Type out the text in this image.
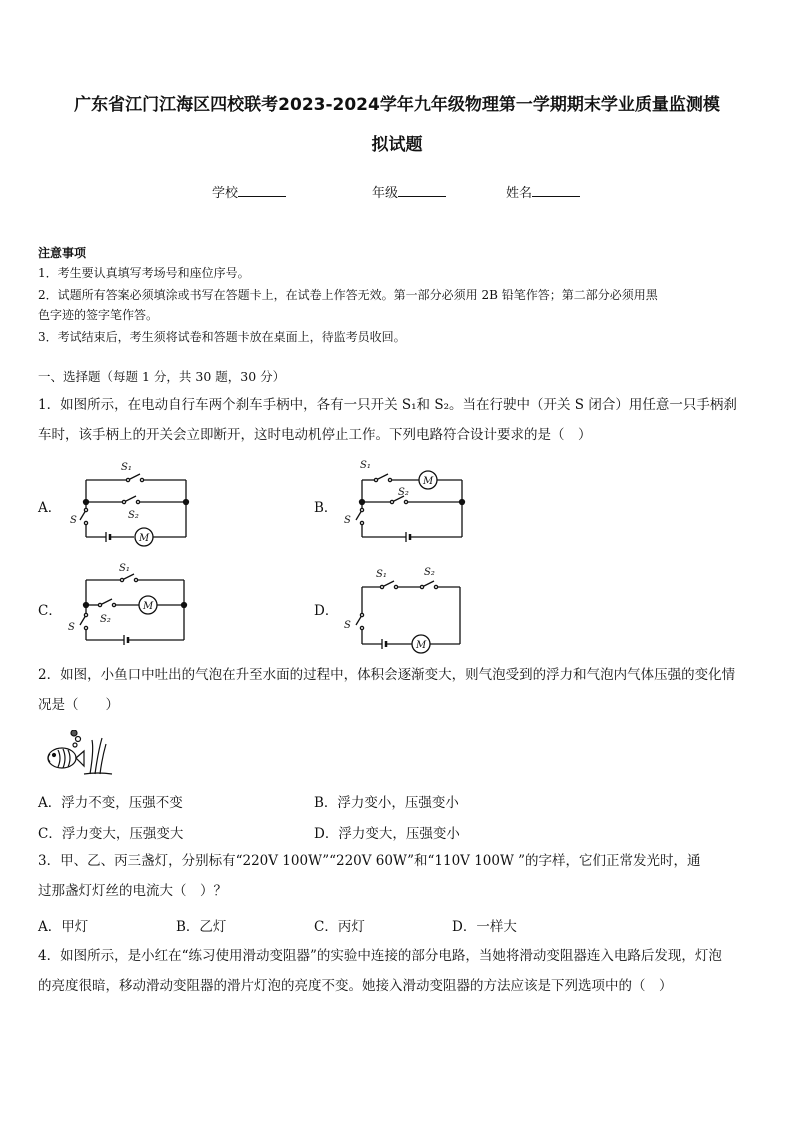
广东省江门江海区四校联考2023-2024学年九年级物理第一学期期末学业质量监测模
拟试题
学校	年级	姓名
注意事项
1．考生要认真填写考场号和座位序号。
2．试题所有答案必须填涂或书写在答题卡上，在试卷上作答无效。第一部分必须用 2B 铅笔作答；第二部分必须用黑
色字迹的签字笔作答。
3．考试结束后，考生须将试卷和答题卡放在桌面上，待监考员收回。
一、选择题（每题 1 分，共 30 题，30 分）
1．如图所示，在电动自行车两个刹车手柄中，各有一只开关 S₁和 S₂。当在行驶中（开关 S 闭合）用任意一只手柄刹
车时，该手柄上的开关会立即断开，这时电动机停止工作。下列电路符合设计要求的是（　）
A．	B．
C．	D．
S₁
S₂
S
M
S₁
S₂
S
M
S₁
S₂
S
M
S₁	S₂
S
M
2．如图，小鱼口中吐出的气泡在升至水面的过程中，体积会逐渐变大，则气泡受到的浮力和气泡内气体压强的变化情
况是（　　）
A．浮力不变，压强不变	B．浮力变小，压强变小
C．浮力变大，压强变大	D．浮力变大，压强变小
3．甲、乙、丙三盏灯，分别标有“220V 100W”“220V 60W”和“110V 100W ”的字样，它们正常发光时，通
过那盏灯灯丝的电流大（　）？
A．甲灯	B．乙灯	C．丙灯	D．一样大
4．如图所示，是小红在“练习使用滑动变阻器”的实验中连接的部分电路，当她将滑动变阻器连入电路后发现，灯泡
的亮度很暗，移动滑动变阻器的滑片灯泡的亮度不变。她接入滑动变阻器的方法应该是下列选项中的（　）
